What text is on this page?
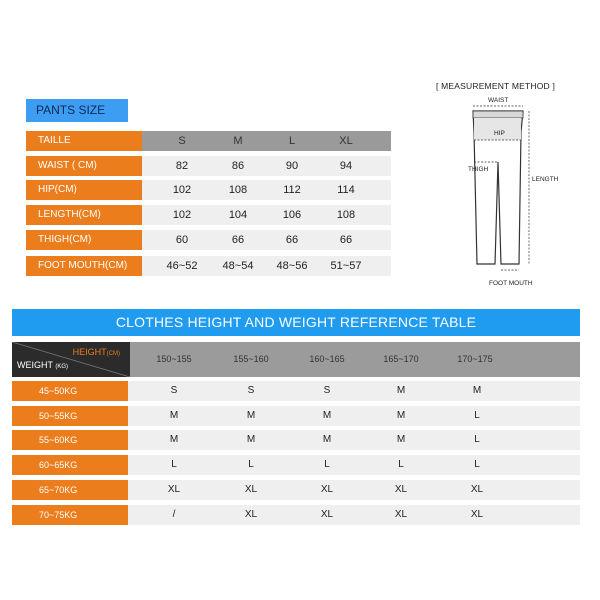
PANTS SIZE
TAILLE	S	M	L	XL
WAIST ( CM)	82	86	90	94
HIP(CM)	102	108	112	114
LENGTH(CM)	102	104	106	108
THIGH(CM)	60	66	66	66
FOOT MOUTH(CM)	46~52	48~54	48~56	51~57
[ MEASUREMENT METHOD ]
WAIST
HIP
THIGH
LENGTH
FOOT MOUTH
CLOTHES HEIGHT AND WEIGHT REFERENCE TABLE
HEIGHT(CM)
WEIGHT (KG)
150~155	155~160	160~165	165~170	170~175
45~50KG	S	S	S	M	M
50~55KG	M	M	M	M	L
55~60KG	M	M	M	M	L
60~65KG	L	L	L	L	L
65~70KG	XL	XL	XL	XL	XL
70~75KG	/	XL	XL	XL	XL
